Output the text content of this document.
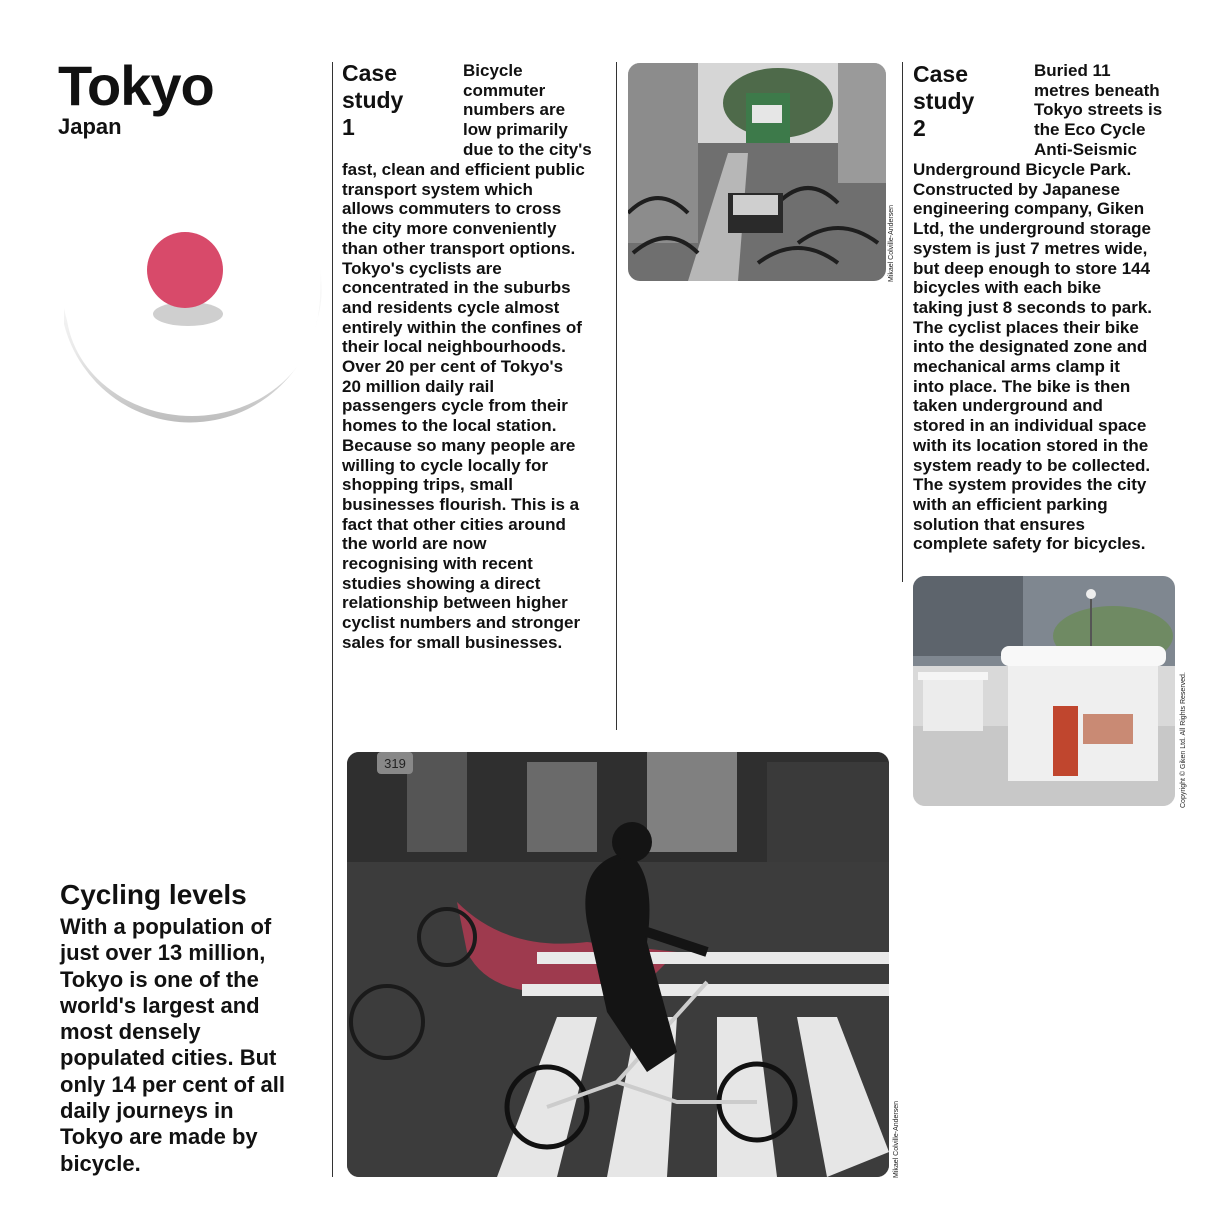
Tokyo
Japan
Case
study
1
Bicycle
commuter
numbers are
low primarily
due to the city's
fast, clean and efficient public
transport system which
allows commuters to cross
the city more conveniently
than other transport options.
Tokyo's cyclists are
concentrated in the suburbs
and residents cycle almost
entirely within the confines of
their local neighbourhoods.
Over 20 per cent of Tokyo's
20 million daily rail
passengers cycle from their
homes to the local station.
Because so many people are
willing to cycle locally for
shopping trips, small
businesses flourish. This is a
fact that other cities around
the world are now
recognising with recent
studies showing a direct
relationship between higher
cyclist numbers and stronger
sales for small businesses.
Mikael Colville-Andersen
Case
study
2
Buried 11
metres beneath
Tokyo streets is
the Eco Cycle
Anti-Seismic
Underground Bicycle Park.
Constructed by Japanese
engineering company, Giken
Ltd, the underground storage
system is just 7 metres wide,
but deep enough to store 144
bicycles with each bike
taking just 8 seconds to park.
The cyclist places their bike
into the designated zone and
mechanical arms clamp it
into place. The bike is then
taken underground and
stored in an individual space
with its location stored in the
system ready to be collected.
The system provides the city
with an efficient parking
solution that ensures
complete safety for bicycles.
Copyright © Giken Ltd. All Rights Reserved.
319
Mikael Colville-Andersen
Cycling levels
With a population of
just over 13 million,
Tokyo is one of the
world's largest and
most densely
populated cities. But
only 14 per cent of all
daily journeys in
Tokyo are made by
bicycle.
